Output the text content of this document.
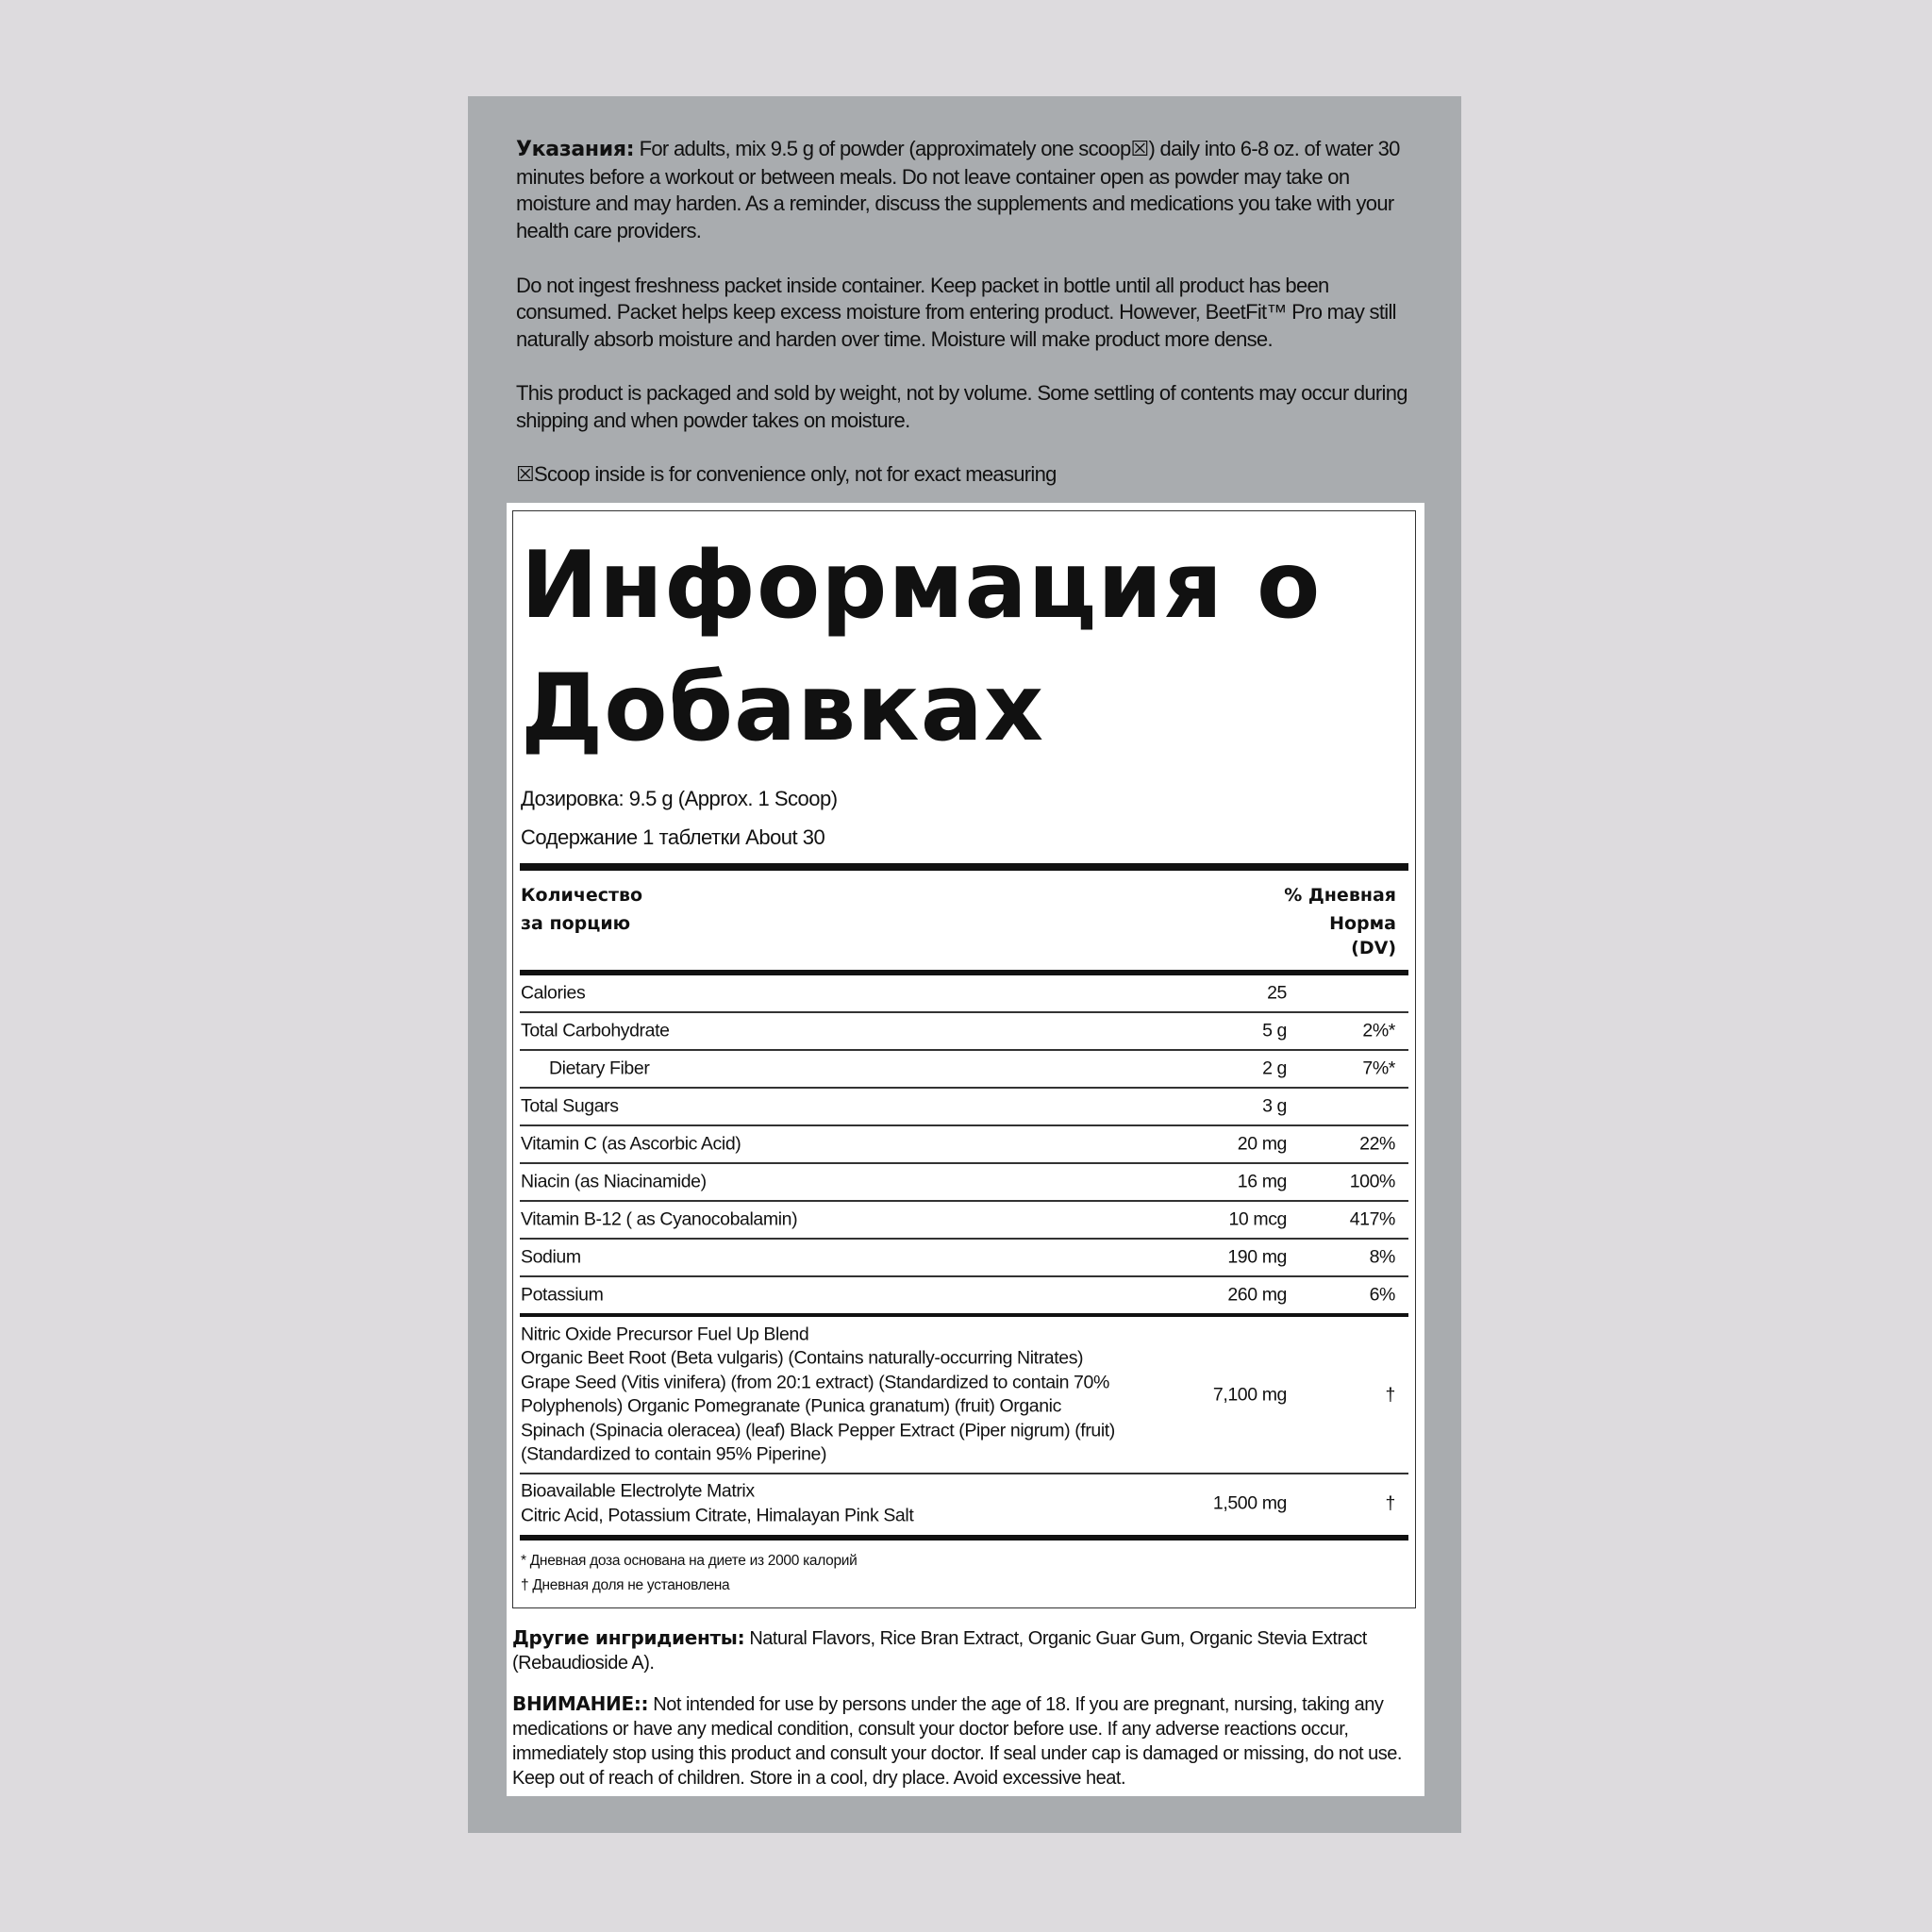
Указания: For adults, mix 9.5 g of powder (approximately one scoop☒) daily into 6-8 oz. of water 30 minutes before a workout or between meals. Do not leave container open as powder may take on moisture and may harden. As a reminder, discuss the supplements and medications you take with your health care providers.

Do not ingest freshness packet inside container. Keep packet in bottle until all product has been consumed. Packet helps keep excess moisture from entering product. However, BeetFit™ Pro may still naturally absorb moisture and harden over time. Moisture will make product more dense.

This product is packaged and sold by weight, not by volume. Some settling of contents may occur during shipping and when powder takes on moisture.

☒Scoop inside is for convenience only, not for exact measuring

Информация о
Добавках
Дозировка: 9.5 g (Approx. 1 Scoop)
Содержание 1 таблетки About 30
Количество
за порцию
% Дневная
Норма
(DV)
Calories	25
Total Carbohydrate	5 g	2%*
Dietary Fiber	2 g	7%*
Total Sugars	3 g
Vitamin C (as Ascorbic Acid)	20 mg	22%
Niacin (as Niacinamide)	16 mg	100%
Vitamin B-12 ( as Cyanocobalamin)	10 mcg	417%
Sodium	190 mg	8%
Potassium	260 mg	6%
Nitric Oxide Precursor Fuel Up Blend
Organic Beet Root (Beta vulgaris) (Contains naturally-occurring Nitrates) Grape Seed (Vitis vinifera) (from 20:1 extract) (Standardized to contain 70% Polyphenols) Organic Pomegranate (Punica granatum) (fruit) Organic Spinach (Spinacia oleracea) (leaf) Black Pepper Extract (Piper nigrum) (fruit) (Standardized to contain 95% Piperine)
7,100 mg	†
Bioavailable Electrolyte Matrix
Citric Acid, Potassium Citrate, Himalayan Pink Salt
1,500 mg	†
* Дневная доза основана на диете из 2000 калорий
† Дневная доля не установлена

Другие ингридиенты: Natural Flavors, Rice Bran Extract, Organic Guar Gum, Organic Stevia Extract (Rebaudioside A).

ВНИМАНИЕ:: Not intended for use by persons under the age of 18. If you are pregnant, nursing, taking any medications or have any medical condition, consult your doctor before use. If any adverse reactions occur, immediately stop using this product and consult your doctor. If seal under cap is damaged or missing, do not use. Keep out of reach of children. Store in a cool, dry place. Avoid excessive heat.
